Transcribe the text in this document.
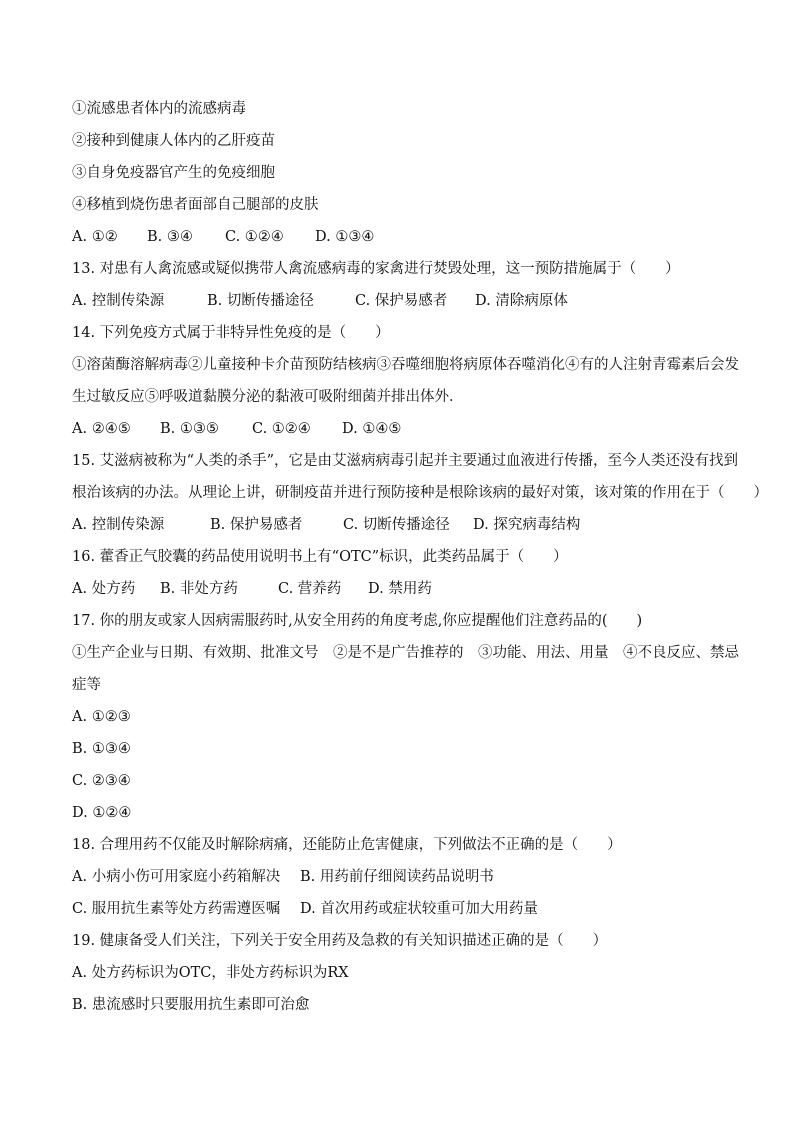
①流感患者体内的流感病毒
②接种到健康人体内的乙肝疫苗
③自身免疫器官产生的免疫细胞
④移植到烧伤患者面部自己腿部的皮肤
A. ①② B. ③④ C. ①②④ D. ①③④
13. 对患有人禽流感或疑似携带人禽流感病毒的家禽进行焚毁处理，这一预防措施属于（　　）
A. 控制传染源	B. 切断传播途径	C. 保护易感者 D. 清除病原体
14. 下列免疫方式属于非特异性免疫的是（　　）
①溶菌酶溶解病毒②儿童接种卡介苗预防结核病③吞噬细胞将病原体吞噬消化④有的人注射青霉素后会发
生过敏反应⑤呼吸道黏膜分泌的黏液可吸附细菌并排出体外．
A. ②④⑤ B. ①③⑤ C. ①②④ D. ①④⑤
15. 艾滋病被称为“人类的杀手”，它是由艾滋病病毒引起并主要通过血液进行传播，至今人类还没有找到
根治该病的办法。从理论上讲，研制疫苗并进行预防接种是根除该病的最好对策，该对策的作用在于（　　）
A. 控制传染源	B. 保护易感者	C. 切断传播途径 D. 探究病毒结构
16. 藿香正气胶囊的药品使用说明书上有“OTC”标识，此类药品属于（　　）
A. 处方药 B. 非处方药	C. 营养药 D. 禁用药
17. 你的朋友或家人因病需服药时,从安全用药的角度考虑,你应提醒他们注意药品的(　　)
①生产企业与日期、有效期、批准文号　②是不是广告推荐的　③功能、用法、用量　④不良反应、禁忌
症等
A. ①②③
B. ①③④
C. ②③④
D. ①②④
18. 合理用药不仅能及时解除病痛，还能防止危害健康，下列做法不正确的是（　　）
A. 小病小伤可用家庭小药箱解决 B. 用药前仔细阅读药品说明书
C. 服用抗生素等处方药需遵医嘱 D. 首次用药或症状较重可加大用药量
19. 健康备受人们关注，下列关于安全用药及急救的有关知识描述正确的是（　　）
A. 处方药标识为OTC，非处方药标识为RX
B. 患流感时只要服用抗生素即可治愈
